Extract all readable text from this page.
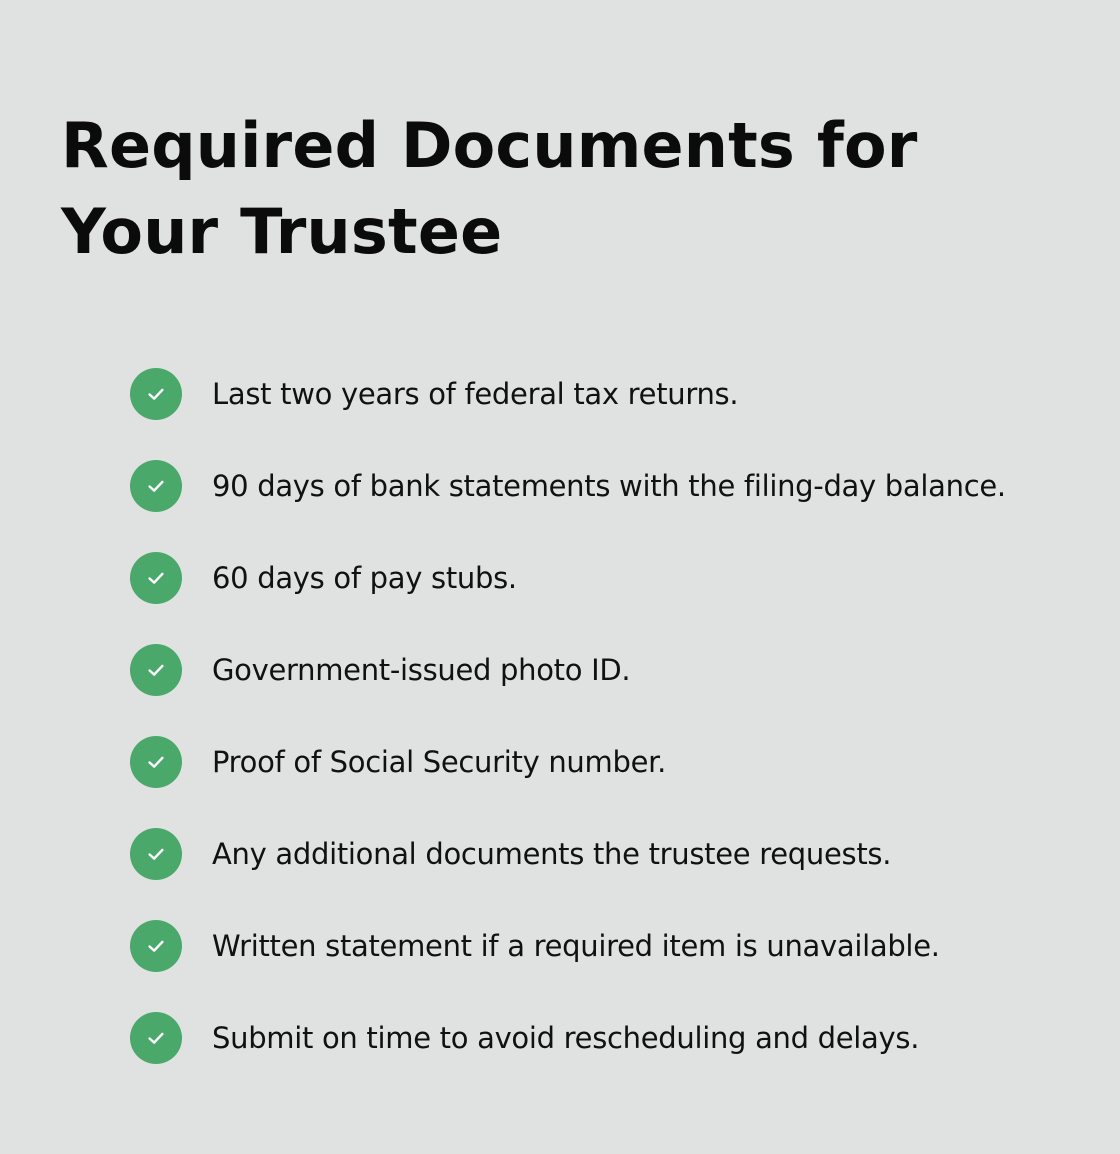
Required Documents for Your Trustee
Last two years of federal tax returns.
90 days of bank statements with the filing-day balance.
60 days of pay stubs.
Government-issued photo ID.
Proof of Social Security number.
Any additional documents the trustee requests.
Written statement if a required item is unavailable.
Submit on time to avoid rescheduling and delays.
